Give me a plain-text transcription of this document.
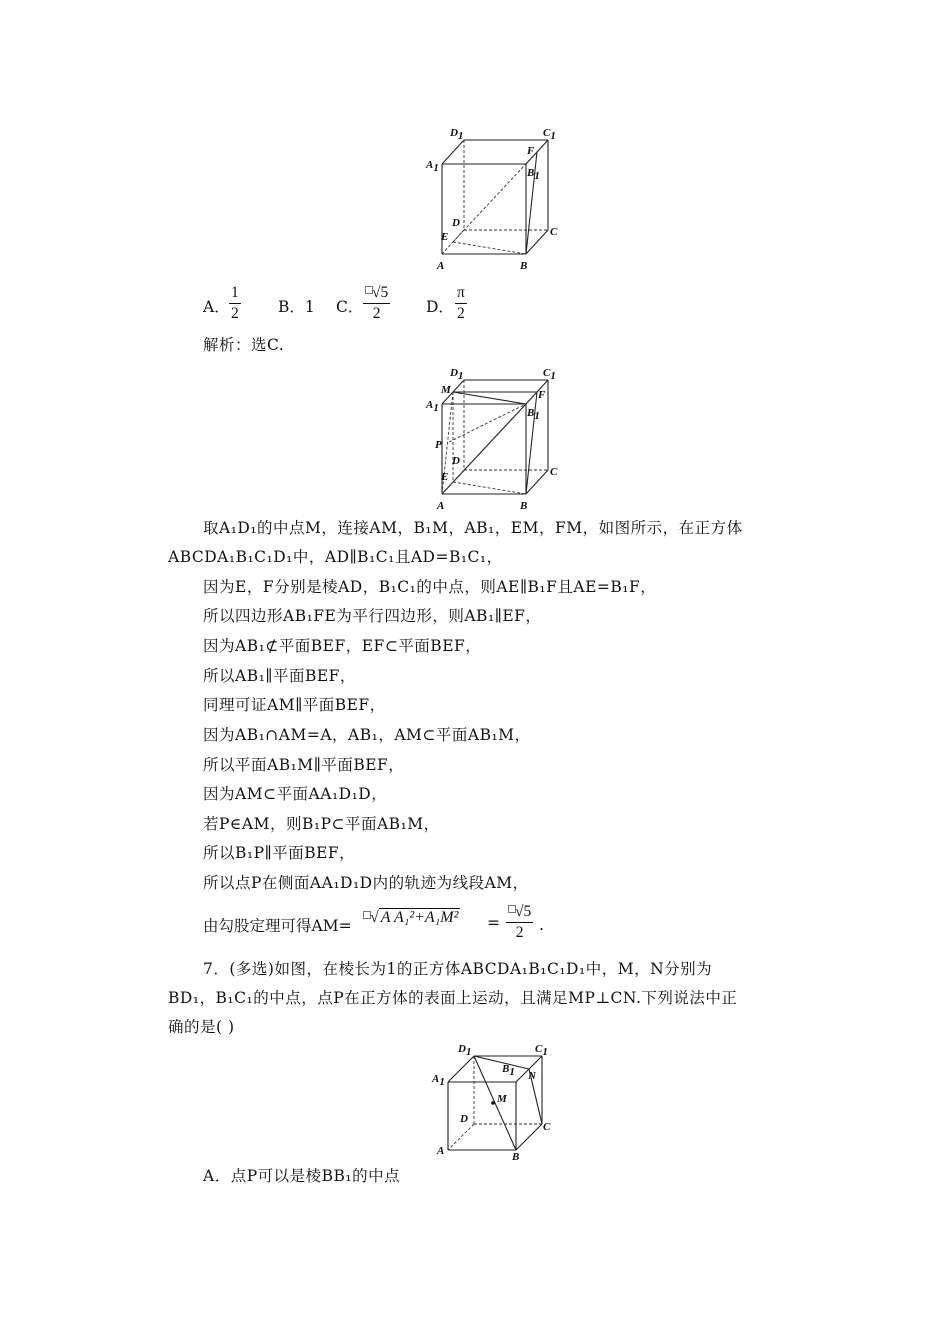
D1	C1
A1
F
B1
D
E	C
A	B
A． $\frac{1}{2}$ B．1 C． $\frac{√5}{2}$ D． $\frac{\pi}{2}$
解析：选C.
D1	C1
M
A1
F
B1
P
D
E	C
A	B
取A₁D₁的中点M，连接AM，B₁M，AB₁，EM，FM，如图所示，在正方体
ABCDA₁B₁C₁D₁中，AD∥B₁C₁且AD=B₁C₁，
因为E，F分别是棱AD，B₁C₁的中点，则AE∥B₁F且AE=B₁F，
所以四边形AB₁FE为平行四边形，则AB₁∥EF，
因为AB₁⊄平面BEF，EF⊂平面BEF，
所以AB₁∥平面BEF，
同理可证AM∥平面BEF，
因为AB₁∩AM=A，AB₁，AM⊂平面AB₁M，
所以平面AB₁M∥平面BEF，
因为AM⊂平面AA₁D₁D，
若P∈AM，则B₁P⊂平面AB₁M，
所以B₁P∥平面BEF，
所以点P在侧面AA₁D₁D内的轨迹为线段AM，
由勾股定理可得AM=	√ A $A_1^2+A_1M^2 = \frac{√5}{2}$ .
7．(多选)如图，在棱长为1的正方体ABCDA₁B₁C₁D₁中，M，N分别为
BD₁，B₁C₁的中点，点P在正方体的表面上运动，且满足MP⊥CN.下列说法中正
确的是( )
D1	C1
A1
B1 N
M
D
C
A	B
A．点P可以是棱BB₁的中点
